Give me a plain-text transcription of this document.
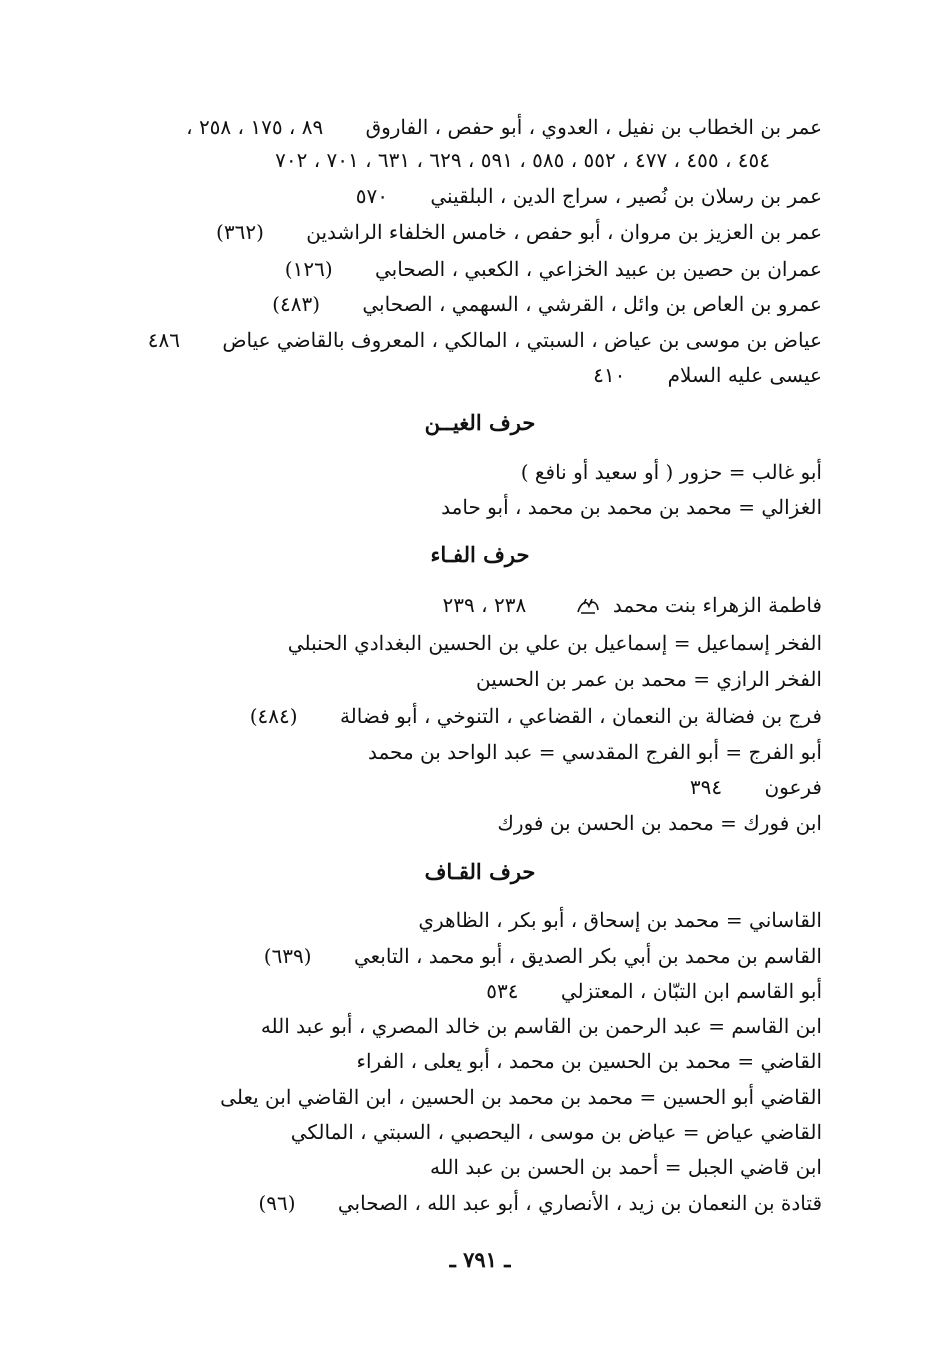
عمر بن الخطاب بن نفيل ، العدوي ، أبو حفص ، الفاروق ٨٩ ، ١٧٥ ، ٢٥٨ ،
٤٥٤ ، ٤٥٥ ، ٤٧٧ ، ٥٥٢ ، ٥٨٥ ، ٥٩١ ، ٦٢٩ ، ٦٣١ ، ٧٠١ ، ٧٠٢
عمر بن رسلان بن نُصير ، سراج الدين ، البلقيني ٥٧٠
عمر بن العزيز بن مروان ، أبو حفص ، خامس الخلفاء الراشدين (٣٦٢)
عمران بن حصين بن عبيد الخزاعي ، الكعبي ، الصحابي (١٢٦)
عمرو بن العاص بن وائل ، القرشي ، السهمي ، الصحابي (٤٨٣)
عياض بن موسى بن عياض ، السبتي ، المالكي ، المعروف بالقاضي عياض ٤٨٦
عيسى عليه السلام ٤١٠
حرف الغيــن
أبو غالب = حزور ( أو سعيد أو نافع )
الغزالي = محمد بن محمد بن محمد ، أبو حامد
حرف الفـاء
فاطمة الزهراء بنت محمد  ٢٣٨ ، ٢٣٩
الفخر إسماعيل = إسماعيل بن علي بن الحسين البغدادي الحنبلي
الفخر الرازي = محمد بن عمر بن الحسين
فرج بن فضالة بن النعمان ، القضاعي ، التنوخي ، أبو فضالة (٤٨٤)
أبو الفرج = أبو الفرج المقدسي = عبد الواحد بن محمد
فرعون ٣٩٤
ابن فورك = محمد بن الحسن بن فورك
حرف القـاف
القاساني = محمد بن إسحاق ، أبو بكر ، الظاهري
القاسم بن محمد بن أبي بكر الصديق ، أبو محمد ، التابعي (٦٣٩)
أبو القاسم ابن التبّان ، المعتزلي ٥٣٤
ابن القاسم = عبد الرحمن بن القاسم بن خالد المصري ، أبو عبد الله
القاضي = محمد بن الحسين بن محمد ، أبو يعلى ، الفراء
القاضي أبو الحسين = محمد بن محمد بن الحسين ، ابن القاضي ابن يعلى
القاضي عياض = عياض بن موسى ، اليحصبي ، السبتي ، المالكي
ابن قاضي الجبل = أحمد بن الحسن بن عبد الله
قتادة بن النعمان بن زيد ، الأنصاري ، أبو عبد الله ، الصحابي (٩٦)
ـ ٧٩١ ـ
